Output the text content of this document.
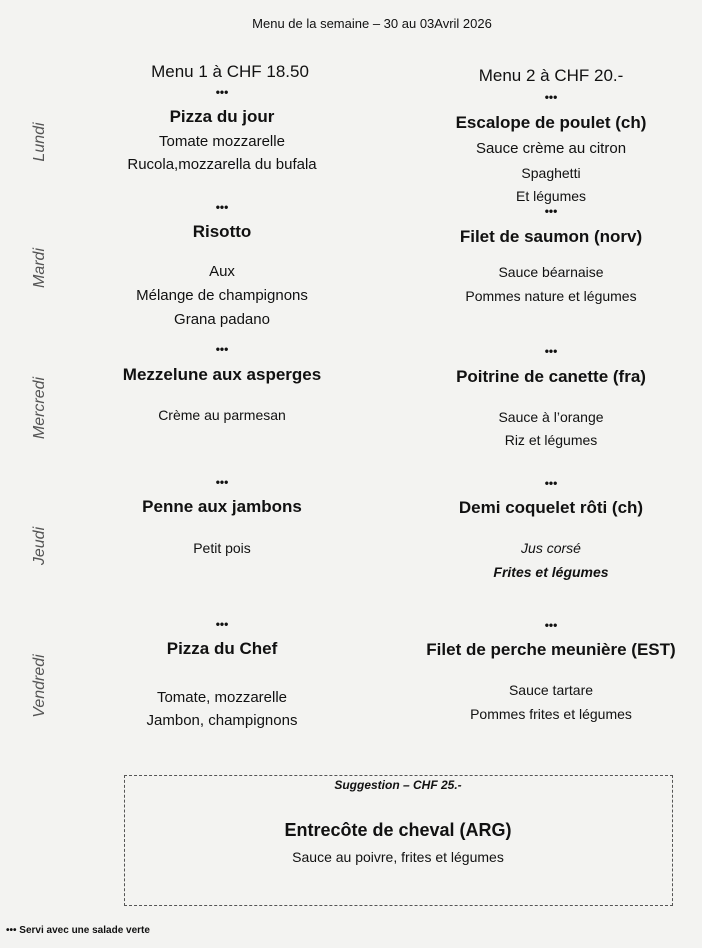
Menu de la semaine – 30 au 03Avril 2026
Menu 1 à CHF 18.50	Menu 2 à CHF 20.-
Lundi
Mardi
Mercredi
Jeudi
Vendredi
•••
Pizza du jour
Tomate mozzarelle
Rucola,mozzarella du bufala
•••
Escalope de poulet (ch)
Sauce crème au citron
Spaghetti
Et légumes
•••
Risotto
Aux
Mélange de champignons
Grana padano
•••
Filet de saumon (norv)
Sauce béarnaise
Pommes nature et légumes
•••
Mezzelune aux asperges
Crème au parmesan
•••
Poitrine de canette (fra)
Sauce à l’orange
Riz et légumes
•••
Penne aux jambons
Petit pois
•••
Demi coquelet rôti (ch)
Jus corsé
Frites et légumes
•••
Pizza du Chef
Tomate, mozzarelle
Jambon, champignons
•••
Filet de perche meunière (EST)
Sauce tartare
Pommes frites et légumes
Suggestion – CHF 25.-
Entrecôte de cheval (ARG)
Sauce au poivre, frites et légumes
••• Servi avec une salade verte
